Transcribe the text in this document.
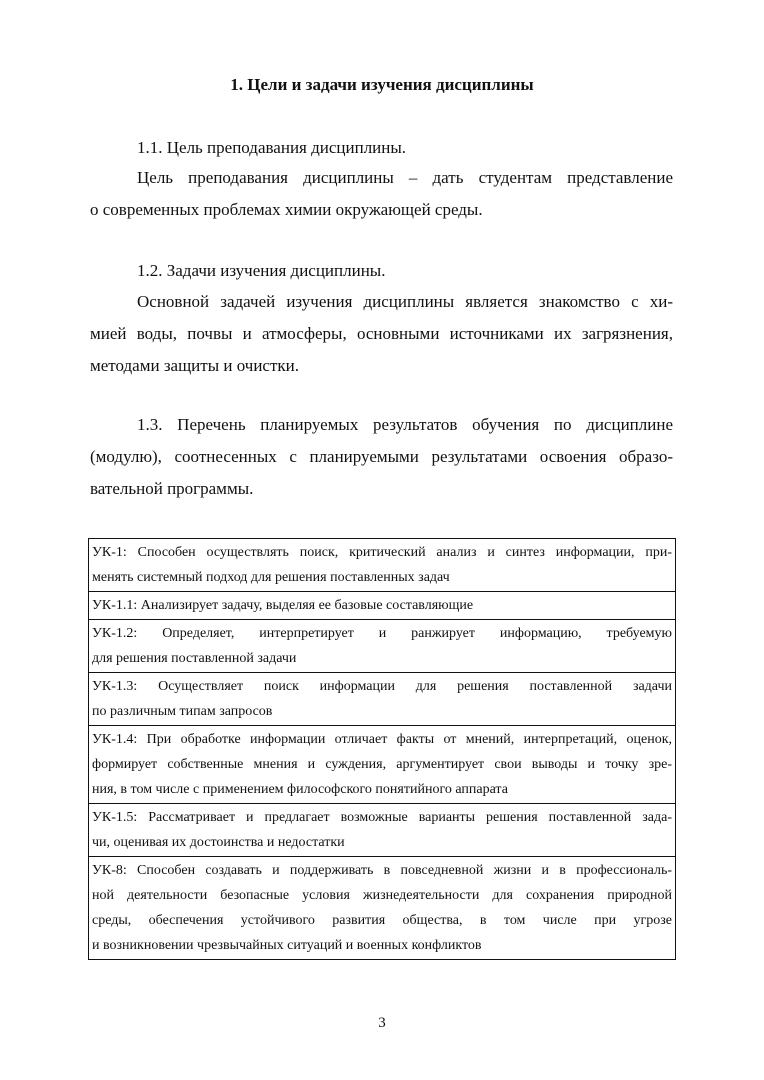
1. Цели и задачи изучения дисциплины
1.1. Цель преподавания дисциплины.
Цель преподавания дисциплины – дать студентам представление
о современных проблемах химии окружающей среды.
1.2. Задачи изучения дисциплины.
Основной задачей изучения дисциплины является знакомство с хи-
мией воды, почвы и атмосферы, основными источниками их загрязнения,
методами защиты и очистки.
1.3. Перечень планируемых результатов обучения по дисциплине
(модулю), соотнесенных с планируемыми результатами освоения образо-
вательной программы.
УК-1: Способен осуществлять поиск, критический анализ и синтез информации, при-
менять системный подход для решения поставленных задач

УК-1.1: Анализирует задачу, выделяя ее базовые составляющие

УК-1.2: Определяет, интерпретирует и ранжирует информацию, требуемую
для решения поставленной задачи

УК-1.3: Осуществляет поиск информации для решения поставленной задачи
по различным типам запросов

УК-1.4: При обработке информации отличает факты от мнений, интерпретаций, оценок,
формирует собственные мнения и суждения, аргументирует свои выводы и точку зре-
ния, в том числе с применением философского понятийного аппарата

УК-1.5: Рассматривает и предлагает возможные варианты решения поставленной зада-
чи, оценивая их достоинства и недостатки

УК-8: Способен создавать и поддерживать в повседневной жизни и в профессиональ-
ной деятельности безопасные условия жизнедеятельности для сохранения природной
среды, обеспечения устойчивого развития общества, в том числе при угрозе
и возникновении чрезвычайных ситуаций и военных конфликтов
3
